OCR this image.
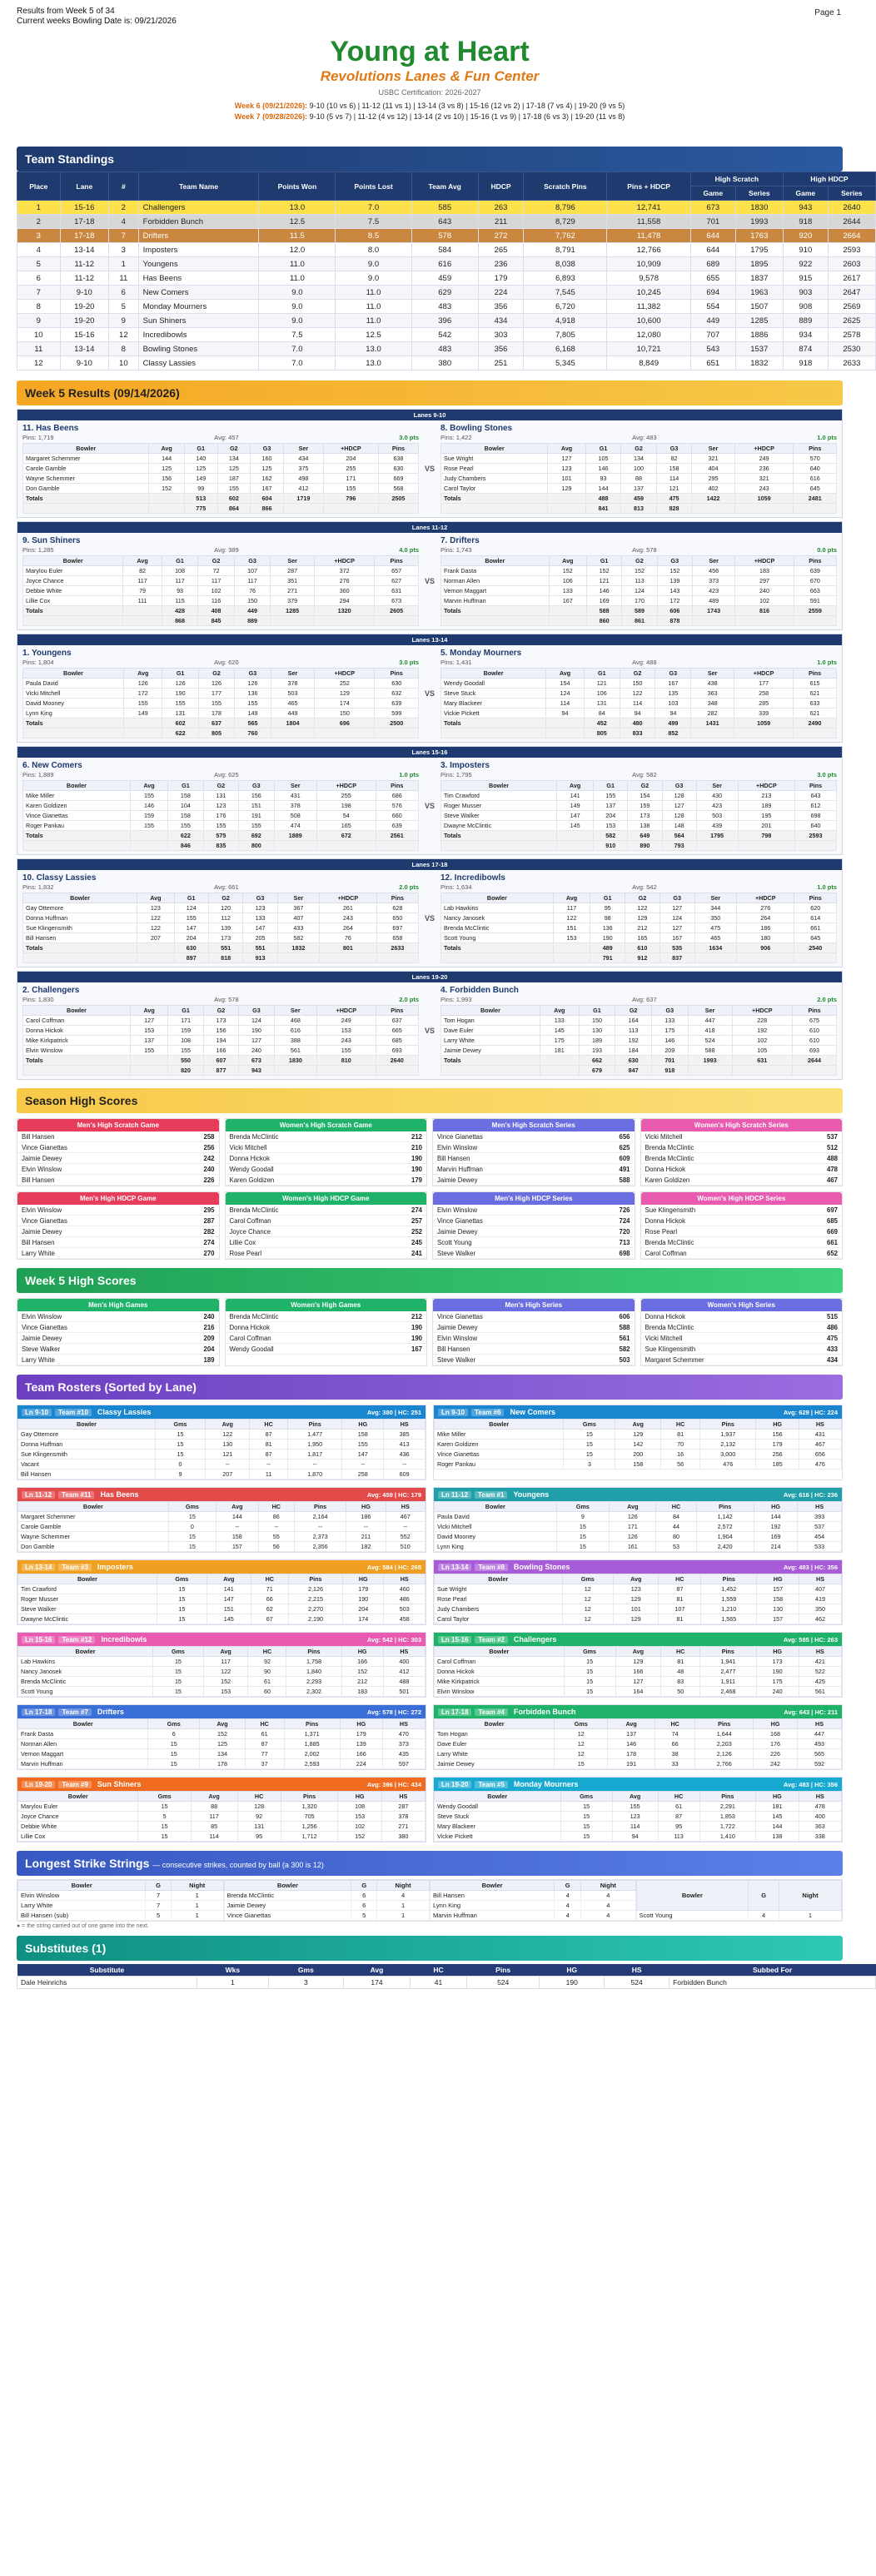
Results from Week 5 of 34
Current weeks Bowling Date is: 09/21/2026
Page 1
Young at Heart
Revolutions Lanes & Fun Center
USBC Certification: 2026-2027
Week 6 (09/21/2026): 9-10 (10 vs 6) | 11-12 (11 vs 1) | 13-14 (3 vs 8) | 15-16 (12 vs 2) | 17-18 (7 vs 4) | 19-20 (9 vs 5)
Week 7 (09/28/2026): 9-10 (5 vs 7) | 11-12 (4 vs 12) | 13-14 (2 vs 10) | 15-16 (1 vs 9) | 17-18 (6 vs 3) | 19-20 (11 vs 8)
Team Standings
Place	Lane	#	Team Name	Points Won	Points Lost	Team Avg	HDCP	Scratch Pins	Pins + HDCP	High Scratch		High HDCP	
										Game	Series	Game	Series
1	15-16	2	Challengers	13.0	7.0	585	263	8,796	12,741	673	1830	943	2640
2	17-18	4	Forbidden Bunch	12.5	7.5	643	211	8,729	11,558	701	1993	918	2644
3	17-18	7	Drifters	11.5	8.5	578	272	7,762	11,478	644	1763	920	2664
4	13-14	3	Imposters	12.0	8.0	584	265	8,791	12,766	644	1795	910	2593
5	11-12	1	Youngens	11.0	9.0	616	236	8,038	10,909	689	1895	922	2603
6	11-12	11	Has Beens	11.0	9.0	459	179	6,893	9,578	655	1837	915	2617
7	9-10	6	New Comers	9.0	11.0	629	224	7,545	10,245	694	1963	903	2647
8	19-20	5	Monday Mourners	9.0	11.0	483	356	6,720	11,382	554	1507	908	2569
9	19-20	9	Sun Shiners	9.0	11.0	396	434	4,918	10,600	449	1285	889	2625
10	15-16	12	Incredibowls	7.5	12.5	542	303	7,805	12,080	707	1886	934	2578
11	13-14	8	Bowling Stones	7.0	13.0	483	356	6,168	10,721	543	1537	874	2530
12	9-10	10	Classy Lassies	7.0	13.0	380	251	5,345	8,849	651	1832	918	2633
Week 5 Results (09/14/2026)
Lanes 9-10
11. Has Beens
Pins: 1,719	Avg: 457	3.0 pts
Bowler	Avg	G1	G2	G3	Ser	+HDCP	Pins
Margaret Schemmer	144	140	134	160	434	204	638
Carole Gamble	125	125	125	125	375	255	630
Wayne Schemmer	156	149	187	162	498	171	669
Don Gamble	152	99	155	167	412	155	568
Totals		513	602	604	1719	796	2505
		775	864	866			
VS
8. Bowling Stones
Pins: 1,422	Avg: 483	1.0 pts
Bowler	Avg	G1	G2	G3	Ser	+HDCP	Pins
Sue Wright	127	105	134	82	321	249	570
Rose Pearl	123	146	100	158	404	236	640
Judy Chambers	101	93	88	114	295	321	616
Carol Taylor	129	144	137	121	402	243	645
Totals		488	459	475	1422	1059	2481
		841	813	828			
Lanes 11-12
9. Sun Shiners
Pins: 1,285	Avg: 389	4.0 pts
Bowler	Avg	G1	G2	G3	Ser	+HDCP	Pins
Marylou Euler	82	108	72	107	287	372	657
Joyce Chance	117	117	117	117	351	276	627
Debbie White	79	93	102	76	271	360	631
Lillie Cox	111	115	116	150	379	294	673
Totals		428	408	449	1285	1320	2605
		868	845	889			
VS
7. Drifters
Pins: 1,743	Avg: 578	0.0 pts
Bowler	Avg	G1	G2	G3	Ser	+HDCP	Pins
Frank Dasta	152	152	152	152	456	183	639
Norman Allen	106	121	113	139	373	297	670
Vernon Maggart	133	146	124	143	423	240	663
Marvin Huffman	167	169	170	172	489	102	591
Totals		588	589	606	1743	816	2559
		860	861	878			
Lanes 13-14
1. Youngens
Pins: 1,804	Avg: 620	3.0 pts
Bowler	Avg	G1	G2	G3	Ser	+HDCP	Pins
Paula David	126	126	126	126	378	252	630
Vicki Mitchell	172	190	177	136	503	129	632
David Mooney	155	155	155	155	465	174	639
Lynn King	149	131	178	149	449	150	599
Totals		602	637	565	1804	696	2500
		622	805	760			
VS
5. Monday Mourners
Pins: 1,431	Avg: 488	1.0 pts
Bowler	Avg	G1	G2	G3	Ser	+HDCP	Pins
Wendy Goodall	154	121	150	167	438	177	615
Steve Stuck	124	106	122	135	363	258	621
Mary Blackeer	114	131	114	103	348	285	633
Vickie Pickett	94	84	94	94	282	339	621
Totals		452	480	499	1431	1059	2490
		805	833	852			
Lanes 15-16
6. New Comers
Pins: 1,889	Avg: 625	1.0 pts
Bowler	Avg	G1	G2	G3	Ser	+HDCP	Pins
Mike Miller	155	158	131	156	431	255	686
Karen Goldizen	146	104	123	151	378	198	576
Vince Gianettas	159	158	176	191	508	54	660
Roger Pankau	155	155	155	155	474	165	639
Totals		622	575	692	1889	672	2561
		846	835	800			
VS
3. Imposters
Pins: 1,795	Avg: 582	3.0 pts
Bowler	Avg	G1	G2	G3	Ser	+HDCP	Pins
Tim Crawford	141	155	154	128	430	213	643
Roger Musser	149	137	159	127	423	189	612
Steve Walker	147	204	173	128	503	195	698
Dwayne McClintic	145	153	138	148	439	201	640
Totals		582	649	564	1795	798	2593
		910	890	793			
Lanes 17-18
10. Classy Lassies
Pins: 1,832	Avg: 661	2.0 pts
Bowler	Avg	G1	G2	G3	Ser	+HDCP	Pins
Gay Ottemore	123	124	120	123	367	261	628
Donna Huffman	122	155	112	133	407	243	650
Sue Klingensmith	122	147	139	147	433	264	697
Bill Hansen	207	204	173	205	582	76	658
Totals		630	551	551	1832	801	2633
		897	818	913			
VS
12. Incredibowls
Pins: 1,634	Avg: 542	1.0 pts
Bowler	Avg	G1	G2	G3	Ser	+HDCP	Pins
Lab Hawkins	117	95	122	127	344	276	620
Nancy Janosek	122	98	129	124	350	264	614
Brenda McClintic	151	136	212	127	475	186	661
Scott Young	153	190	165	167	465	180	645
Totals		489	610	535	1634	906	2540
		791	912	837			
Lanes 19-20
2. Challengers
Pins: 1,830	Avg: 578	2.0 pts
Bowler	Avg	G1	G2	G3	Ser	+HDCP	Pins
Carol Coffman	127	171	173	124	468	249	637
Donna Hickok	153	159	156	190	616	153	665
Mike Kirkpatrick	137	108	194	127	388	243	685
Elvin Winslow	155	155	166	240	561	155	693
Totals		550	607	673	1830	810	2640
		820	877	943			
VS
4. Forbidden Bunch
Pins: 1,993	Avg: 637	2.0 pts
Bowler	Avg	G1	G2	G3	Ser	+HDCP	Pins
Tom Hogan	133	150	164	133	447	228	675
Dave Euler	145	130	113	175	418	192	610
Larry White	175	189	192	146	524	102	610
Jaimie Dewey	181	193	184	209	588	105	693
Totals		662	630	701	1993	631	2644
		679	847	918			
Season High Scores
Men's High Scratch Game
Bill Hansen	258
Vince Gianettas	256
Jaimie Dewey	242
Elvin Winslow	240
Bill Hansen	226
Women's High Scratch Game
Brenda McClintic	212
Vicki Mitchell	210
Donna Hickok	190
Wendy Goodall	190
Karen Goldizen	179
Men's High Scratch Series
Vince Gianettas	656
Elvin Winslow	625
Bill Hansen	609
Marvin Huffman	491
Jaimie Dewey	588
Women's High Scratch Series
Vicki Mitchell	537
Brenda McClintic	512
Brenda McClintic	488
Donna Hickok	478
Karen Goldizen	467
Men's High HDCP Game
Elvin Winslow	295
Vince Gianettas	287
Jaimie Dewey	282
Bill Hansen	274
Larry White	270
Women's High HDCP Game
Brenda McClintic	274
Carol Coffman	257
Joyce Chance	252
Lillie Cox	245
Rose Pearl	241
Men's High HDCP Series
Elvin Winslow	726
Vince Gianettas	724
Jaimie Dewey	720
Scott Young	713
Steve Walker	698
Women's High HDCP Series
Sue Klingensmith	697
Donna Hickok	685
Rose Pearl	669
Brenda McClintic	661
Carol Coffman	652
Week 5 High Scores
Men's High Games
Elvin Winslow	240
Vince Gianettas	216
Jaimie Dewey	209
Steve Walker	204
Larry White	189
Women's High Games
Brenda McClintic	212
Donna Hickok	190
Carol Coffman	190
Wendy Goodall	167
Men's High Series
Vince Gianettas	606
Jaimie Dewey	588
Elvin Winslow	561
Bill Hansen	582
Steve Walker	503
Women's High Series
Donna Hickok	515
Brenda McClintic	486
Vicki Mitchell	475
Sue Klingensmith	433
Margaret Schemmer	434
Team Rosters (Sorted by Lane)
Ln 9-10	Team #10	Classy Lassies	Avg: 380 | HC: 251
Bowler	Gms	Avg	HC	Pins	HG	HS
Gay Ottemore	15	122	87	1,477	158	385
Donna Huffman	15	130	81	1,950	155	413
Sue Klingensmith	15	121	87	1,817	147	436
Vacant	0	--	--	--	--	--
Bill Hansen	9	207	11	1,870	258	609
Ln 9-10	Team #6	New Comers	Avg: 629 | HC: 224
Bowler	Gms	Avg	HC	Pins	HG	HS
Mike Miller	15	129	81	1,937	156	431
Karen Goldizen	15	142	70	2,132	179	467
Vince Gianettas	15	200	16	3,000	256	656
Roger Pankau	3	158	56	476	185	476
Ln 11-12	Team #11	Has Beens	Avg: 459 | HC: 179
Bowler	Gms	Avg	HC	Pins	HG	HS
Margaret Schemmer	15	144	86	2,164	186	467
Carole Gamble	0	--	--	--	--	--
Wayne Schemmer	15	158	55	2,373	211	552
Don Gamble	15	157	56	2,356	182	510
Ln 11-12	Team #1	Youngens	Avg: 616 | HC: 236
Bowler	Gms	Avg	HC	Pins	HG	HS
Paula David	9	126	84	1,142	144	393
Vicki Mitchell	15	171	44	2,572	192	537
David Mooney	15	126	80	1,904	169	454
Lynn King	15	161	53	2,420	214	533
Ln 13-14	Team #3	Imposters	Avg: 584 | HC: 265
Bowler	Gms	Avg	HC	Pins	HG	HS
Tim Crawford	15	141	71	2,126	179	460
Roger Musser	15	147	66	2,215	190	486
Steve Walker	15	151	62	2,270	204	503
Dwayne McClintic	15	145	67	2,190	174	458
Ln 13-14	Team #8	Bowling Stones	Avg: 483 | HC: 356
Bowler	Gms	Avg	HC	Pins	HG	HS
Sue Wright	12	123	87	1,452	157	407
Rose Pearl	12	129	81	1,559	158	419
Judy Chambers	12	101	107	1,210	130	350
Carol Taylor	12	129	81	1,565	157	462
Ln 15-16	Team #12	Incredibowls	Avg: 542 | HC: 303
Bowler	Gms	Avg	HC	Pins	HG	HS
Lab Hawkins	15	117	92	1,758	166	400
Nancy Janosek	15	122	90	1,840	152	412
Brenda McClintic	15	152	61	2,293	212	488
Scott Young	15	153	60	2,302	183	501
Ln 15-16	Team #2	Challengers	Avg: 585 | HC: 263
Bowler	Gms	Avg	HC	Pins	HG	HS
Carol Coffman	15	129	81	1,941	173	421
Donna Hickok	15	166	48	2,477	190	522
Mike Kirkpatrick	15	127	83	1,911	175	425
Elvin Winslow	15	164	50	2,468	240	561
Ln 17-18	Team #7	Drifters	Avg: 578 | HC: 272
Bowler	Gms	Avg	HC	Pins	HG	HS
Frank Dasta	6	152	61	1,371	179	470
Norman Allen	15	125	87	1,885	139	373
Vernon Maggart	15	134	77	2,002	166	435
Marvin Huffman	15	178	37	2,593	224	597
Ln 17-18	Team #4	Forbidden Bunch	Avg: 643 | HC: 211
Bowler	Gms	Avg	HC	Pins	HG	HS
Tom Hogan	12	137	74	1,644	168	447
Dave Euler	12	146	66	2,203	176	493
Larry White	12	178	38	2,126	226	565
Jaimie Dewey	15	191	33	2,766	242	592
Ln 19-20	Team #9	Sun Shiners	Avg: 396 | HC: 434
Bowler	Gms	Avg	HC	Pins	HG	HS
Marylou Euler	15	88	128	1,320	108	287
Joyce Chance	5	117	92	705	153	378
Debbie White	15	85	131	1,256	102	271
Lillie Cox	15	114	95	1,712	152	380
Ln 19-20	Team #5	Monday Mourners	Avg: 483 | HC: 356
Bowler	Gms	Avg	HC	Pins	HG	HS
Wendy Goodall	15	155	61	2,291	181	478
Steve Stuck	15	123	87	1,853	145	400
Mary Blackeer	15	114	95	1,722	144	363
Vickie Pickett	15	94	113	1,410	138	338
Longest Strike Strings — consecutive strikes, counted by ball (a 300 is 12)
Bowler	G	Night
Elvin Winslow	7	1
Larry White	7	1
Bill Hansen (sub)	5	1
Bowler	G	Night
Brenda McClintic	6	4
Jaimie Dewey	6	1
Vince Gianettas	5	1
Bowler	G	Night
Bill Hansen	4	4
Lynn King	4	4
Marvin Huffman	4	4
Bowler	G	Night
Scott Young	4	1
● = the string carried out of one game into the next.
Substitutes (1)
Substitute	Wks	Gms	Avg	HC	Pins	HG	HS	Subbed For
Dale Heinrichs	1	3	174	41	524	190	524	Forbidden Bunch
